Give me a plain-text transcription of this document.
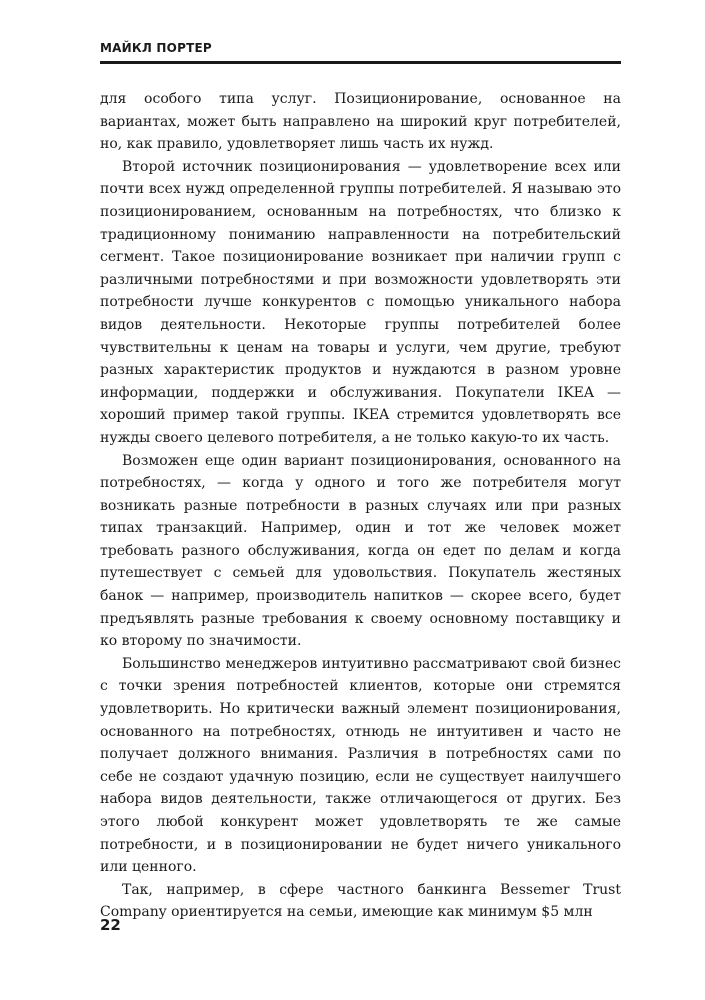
МАЙКЛ ПОРТЕР

для особого типа услуг. Позиционирование, основанное на вариантах, может быть направлено на широкий круг потребителей, но, как правило, удовлетворяет лишь часть их нужд.

Второй источник позиционирования — удовлетворение всех или почти всех нужд определенной группы потребителей. Я называю это позиционированием, основанным на потребностях, что близко к традиционному пониманию направленности на потребительский сегмент. Такое позиционирование возникает при наличии групп с различными потребностями и при возможности удовлетворять эти потребности лучше конкурентов с помощью уникального набора видов деятельности. Некоторые группы потребителей более чувствительны к ценам на товары и услуги, чем другие, требуют разных характеристик продуктов и нуждаются в разном уровне информации, поддержки и обслуживания. Покупатели IKEA — хороший пример такой группы. IKEA стремится удовлетворять все нужды своего целевого потребителя, а не только какую-то их часть.

Возможен еще один вариант позиционирования, основанного на потребностях, — когда у одного и того же потребителя могут возникать разные потребности в разных случаях или при разных типах транзакций. Например, один и тот же человек может требовать разного обслуживания, когда он едет по делам и когда путешествует с семьей для удовольствия. Покупатель жестяных банок — например, производитель напитков — скорее всего, будет предъявлять разные требования к своему основному поставщику и ко второму по значимости.

Большинство менеджеров интуитивно рассматривают свой бизнес с точки зрения потребностей клиентов, которые они стремятся удовлетворить. Но критически важный элемент позиционирования, основанного на потребностях, отнюдь не интуитивен и часто не получает должного внимания. Различия в потребностях сами по себе не создают удачную позицию, если не существует наилучшего набора видов деятельности, также отличающегося от других. Без этого любой конкурент может удовлетворять те же самые потребности, и в позиционировании не будет ничего уникального или ценного.

Так, например, в сфере частного банкинга Bessemer Trust Company ориентируется на семьи, имеющие как минимум $5 млн

22
